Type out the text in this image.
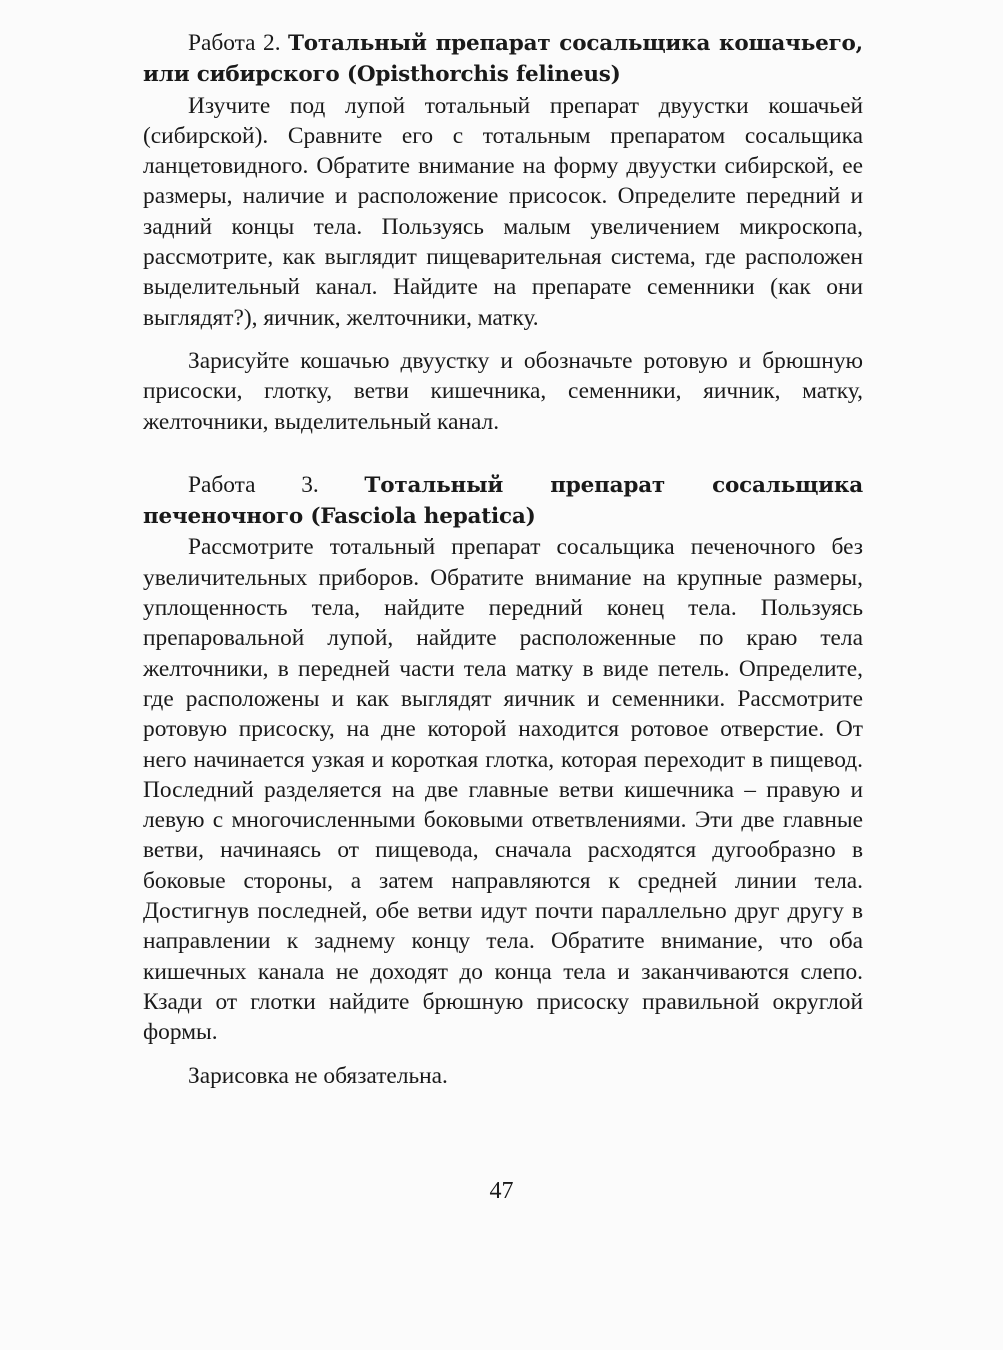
Работа 2. Тотальный препарат сосальщика кошачьего, или сибирского (Opisthorchis felineus)

Изучите под лупой тотальный препарат двуустки кошачьей (сибирской). Сравните его с тотальным препаратом сосальщика ланцетовидного. Обратите внимание на форму двуустки сибирской, ее размеры, наличие и расположение присосок. Определите передний и задний концы тела. Пользуясь малым увеличением микроскопа, рассмотрите, как выглядит пищеварительная система, где расположен выделительный канал. Найдите на препарате семенники (как они выглядят?), яичник, желточники, матку.

Зарисуйте кошачью двуустку и обозначьте ротовую и брюшную присоски, глотку, ветви кишечника, семенники, яичник, матку, желточники, выделительный канал.

Работа 3. Тотальный препарат сосальщика печеночного (Fasciola hepatica)

Рассмотрите тотальный препарат сосальщика печеночного без увеличительных приборов. Обратите внимание на крупные размеры, уплощенность тела, найдите передний конец тела. Пользуясь препаровальной лупой, найдите расположенные по краю тела желточники, в передней части тела матку в виде петель. Определите, где расположены и как выглядят яичник и семенники. Рассмотрите ротовую присоску, на дне которой находится ротовое отверстие. От него начинается узкая и короткая глотка, которая переходит в пищевод. Последний разделяется на две главные ветви кишечника – правую и левую с многочисленными боковыми ответвлениями. Эти две главные ветви, начинаясь от пищевода, сначала расходятся дугообразно в боковые стороны, а затем направляются к средней линии тела. Достигнув последней, обе ветви идут почти параллельно друг другу в направлении к заднему концу тела. Обратите внимание, что оба кишечных канала не доходят до конца тела и заканчиваются слепо. Кзади от глотки найдите брюшную присоску правильной округлой формы.

Зарисовка не обязательна.

47
